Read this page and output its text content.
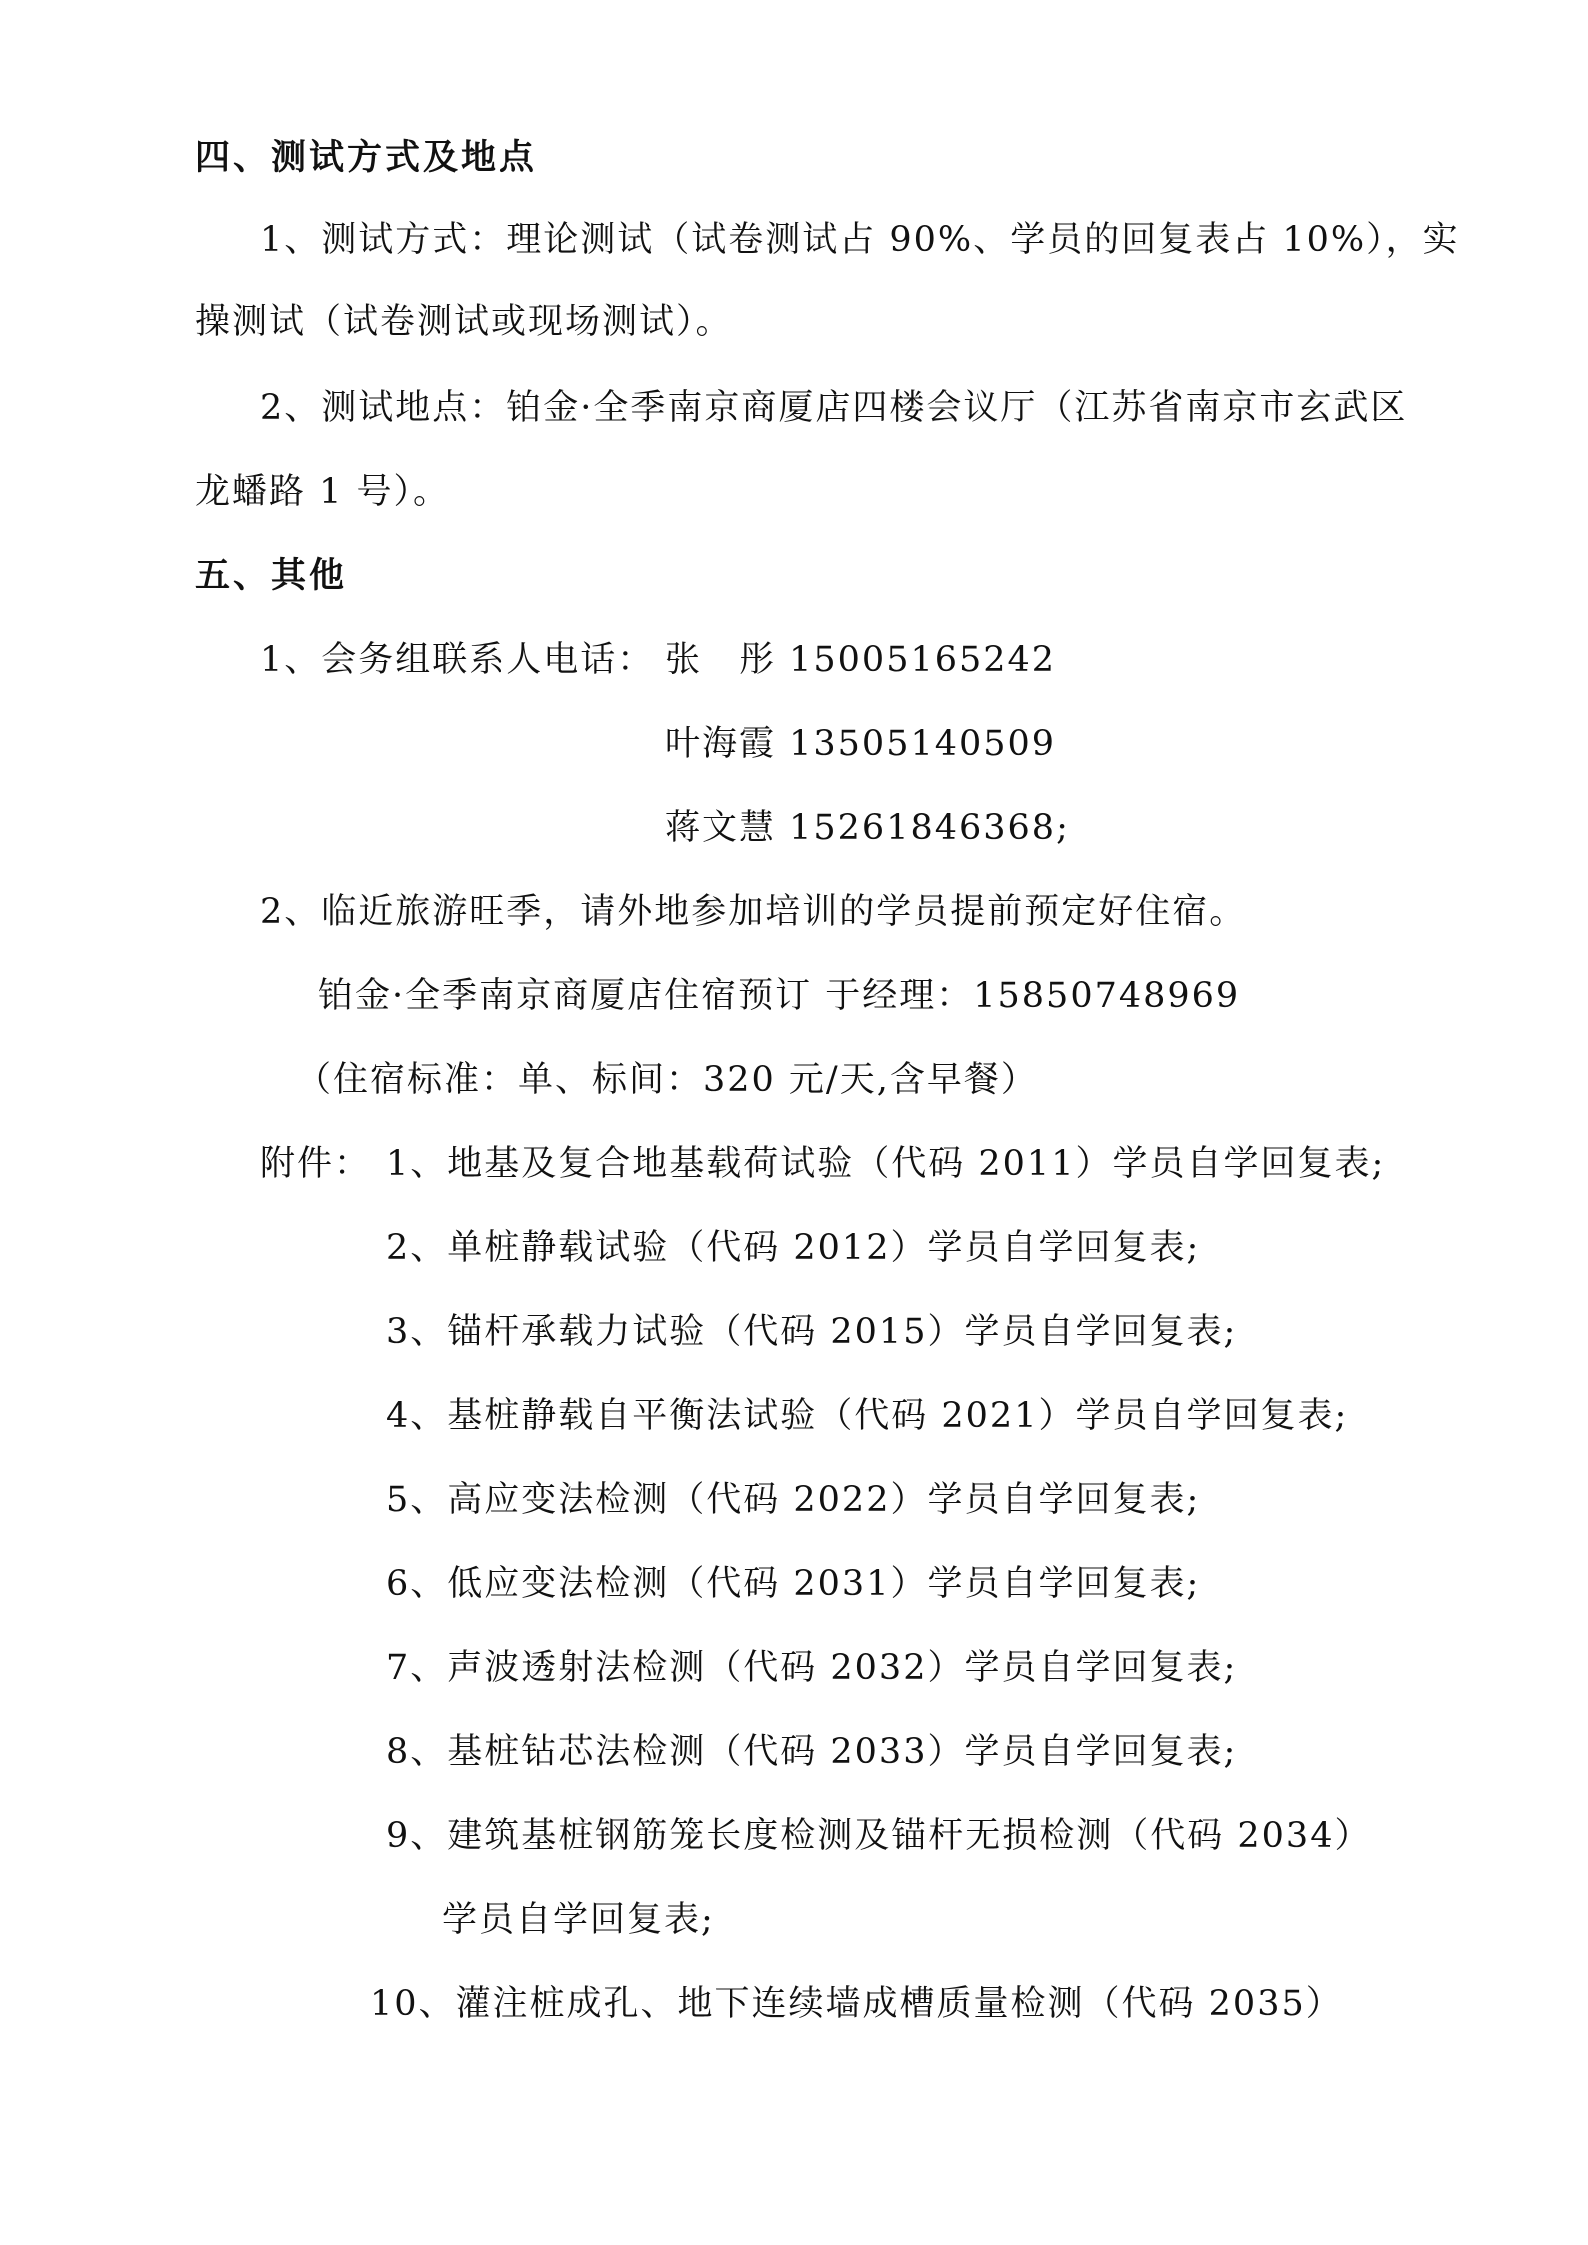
四、测试方式及地点
1、测试方式：理论测试（试卷测试占 90%、学员的回复表占 10%），实
操测试（试卷测试或现场测试）。
2、测试地点：铂金·全季南京商厦店四楼会议厅（江苏省南京市玄武区
龙蟠路 1 号）。
五、其他
1、会务组联系人电话： 张　彤 15005165242
叶海霞 13505140509
蒋文慧 15261846368;
2、临近旅游旺季，请外地参加培训的学员提前预定好住宿。
铂金·全季南京商厦店住宿预订 于经理：15850748969
（住宿标准：单、标间：320 元/天,含早餐）
附件： 1、地基及复合地基载荷试验（代码 2011）学员自学回复表;
2、单桩静载试验（代码 2012）学员自学回复表;
3、锚杆承载力试验（代码 2015）学员自学回复表;
4、基桩静载自平衡法试验（代码 2021）学员自学回复表;
5、高应变法检测（代码 2022）学员自学回复表;
6、低应变法检测（代码 2031）学员自学回复表;
7、声波透射法检测（代码 2032）学员自学回复表;
8、基桩钻芯法检测（代码 2033）学员自学回复表;
9、建筑基桩钢筋笼长度检测及锚杆无损检测（代码 2034）
学员自学回复表;
10、灌注桩成孔、地下连续墙成槽质量检测（代码 2035）
